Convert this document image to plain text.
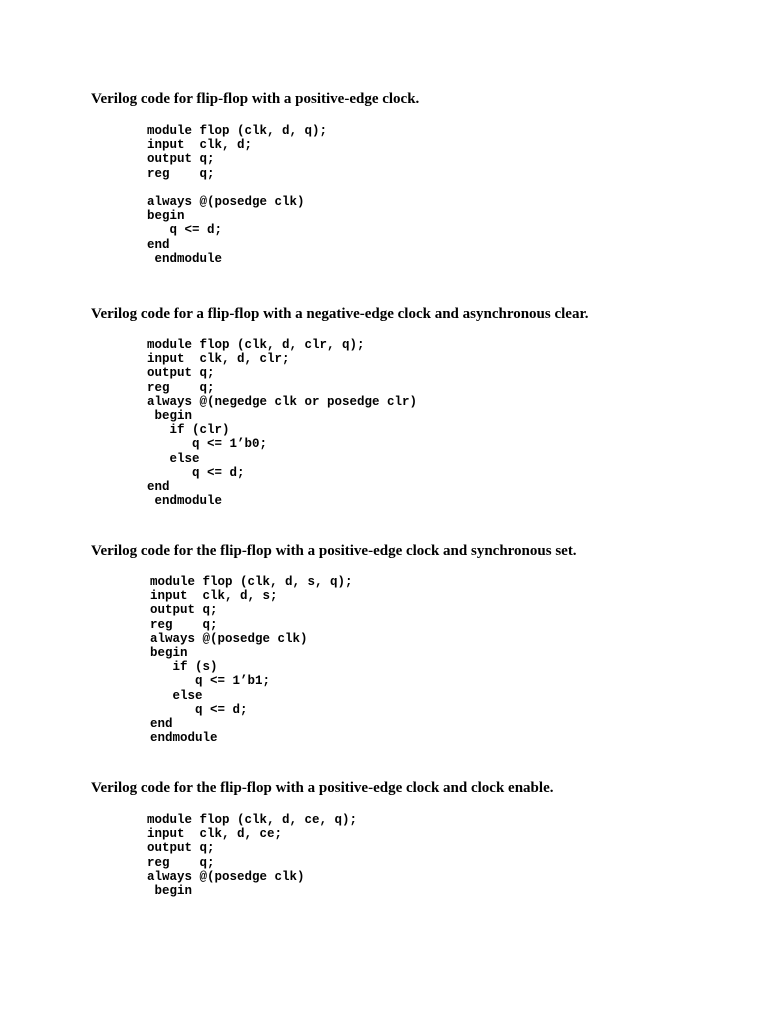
Verilog code for flip-flop with a positive-edge clock.
module flop (clk, d, q);
input  clk, d;
output q;
reg    q;
always @(posedge clk)
begin
q <= d;
end
endmodule
Verilog code for a flip-flop with a negative-edge clock and asynchronous clear.
module flop (clk, d, clr, q);
input  clk, d, clr;
output q;
reg    q;
always @(negedge clk or posedge clr)
begin
if (clr)
q <= 1’b0;
else
q <= d;
end
endmodule
Verilog code for the flip-flop with a positive-edge clock and synchronous set.
module flop (clk, d, s, q);
input  clk, d, s;
output q;
reg    q;
always @(posedge clk)
begin
if (s)
q <= 1’b1;
else
q <= d;
end
endmodule
Verilog code for the flip-flop with a positive-edge clock and clock enable.
module flop (clk, d, ce, q);
input  clk, d, ce;
output q;
reg    q;
always @(posedge clk)
begin
